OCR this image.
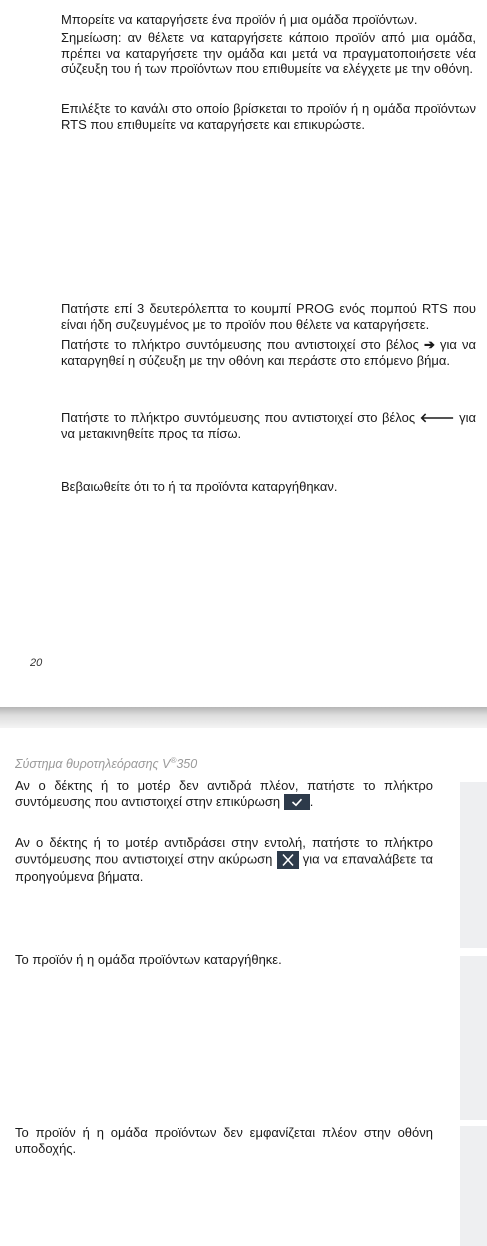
Μπορείτε να καταργήσετε ένα προϊόν ή μια ομάδα προϊόντων.

Σημείωση: αν θέλετε να καταργήσετε κάποιο προϊόν από μια ομάδα, πρέπει να καταργήσετε την ομάδα και μετά να πραγματοποιήσετε νέα σύζευξη του ή των προϊόντων που επιθυμείτε να ελέγχετε με την οθόνη.

Επιλέξτε το κανάλι στο οποίο βρίσκεται το προϊόν ή η ομάδα προϊόντων RTS που επιθυμείτε να καταργήσετε και επικυρώστε.

Πατήστε επί 3 δευτερόλεπτα το κουμπί PROG ενός πομπού RTS που είναι ήδη συζευγμένος με το προϊόν που θέλετε να καταργήσετε.

Πατήστε το πλήκτρο συντόμευσης που αντιστοιχεί στο βέλος ➔ για να καταργηθεί η σύζευξη με την οθόνη και περάστε στο επόμενο βήμα.

Πατήστε το πλήκτρο συντόμευσης που αντιστοιχεί στο βέλος 🡐 για να μετακινηθείτε προς τα πίσω.

Βεβαιωθείτε ότι το ή τα προϊόντα καταργήθηκαν.

20
Σύστημα θυροτηλεόρασης V®350

Αν ο δέκτης ή το μοτέρ δεν αντιδρά πλέον, πατήστε το πλήκτρο συντόμευσης που αντιστοιχεί στην επικύρωση .

Αν ο δέκτης ή το μοτέρ αντιδράσει στην εντολή, πατήστε το πλήκτρο συντόμευσης που αντιστοιχεί στην ακύρωση για να επαναλάβετε τα προηγούμενα βήματα.

Το προϊόν ή η ομάδα προϊόντων καταργήθηκε.

Το προϊόν ή η ομάδα προϊόντων δεν εμφανίζεται πλέον στην οθόνη υποδοχής.
